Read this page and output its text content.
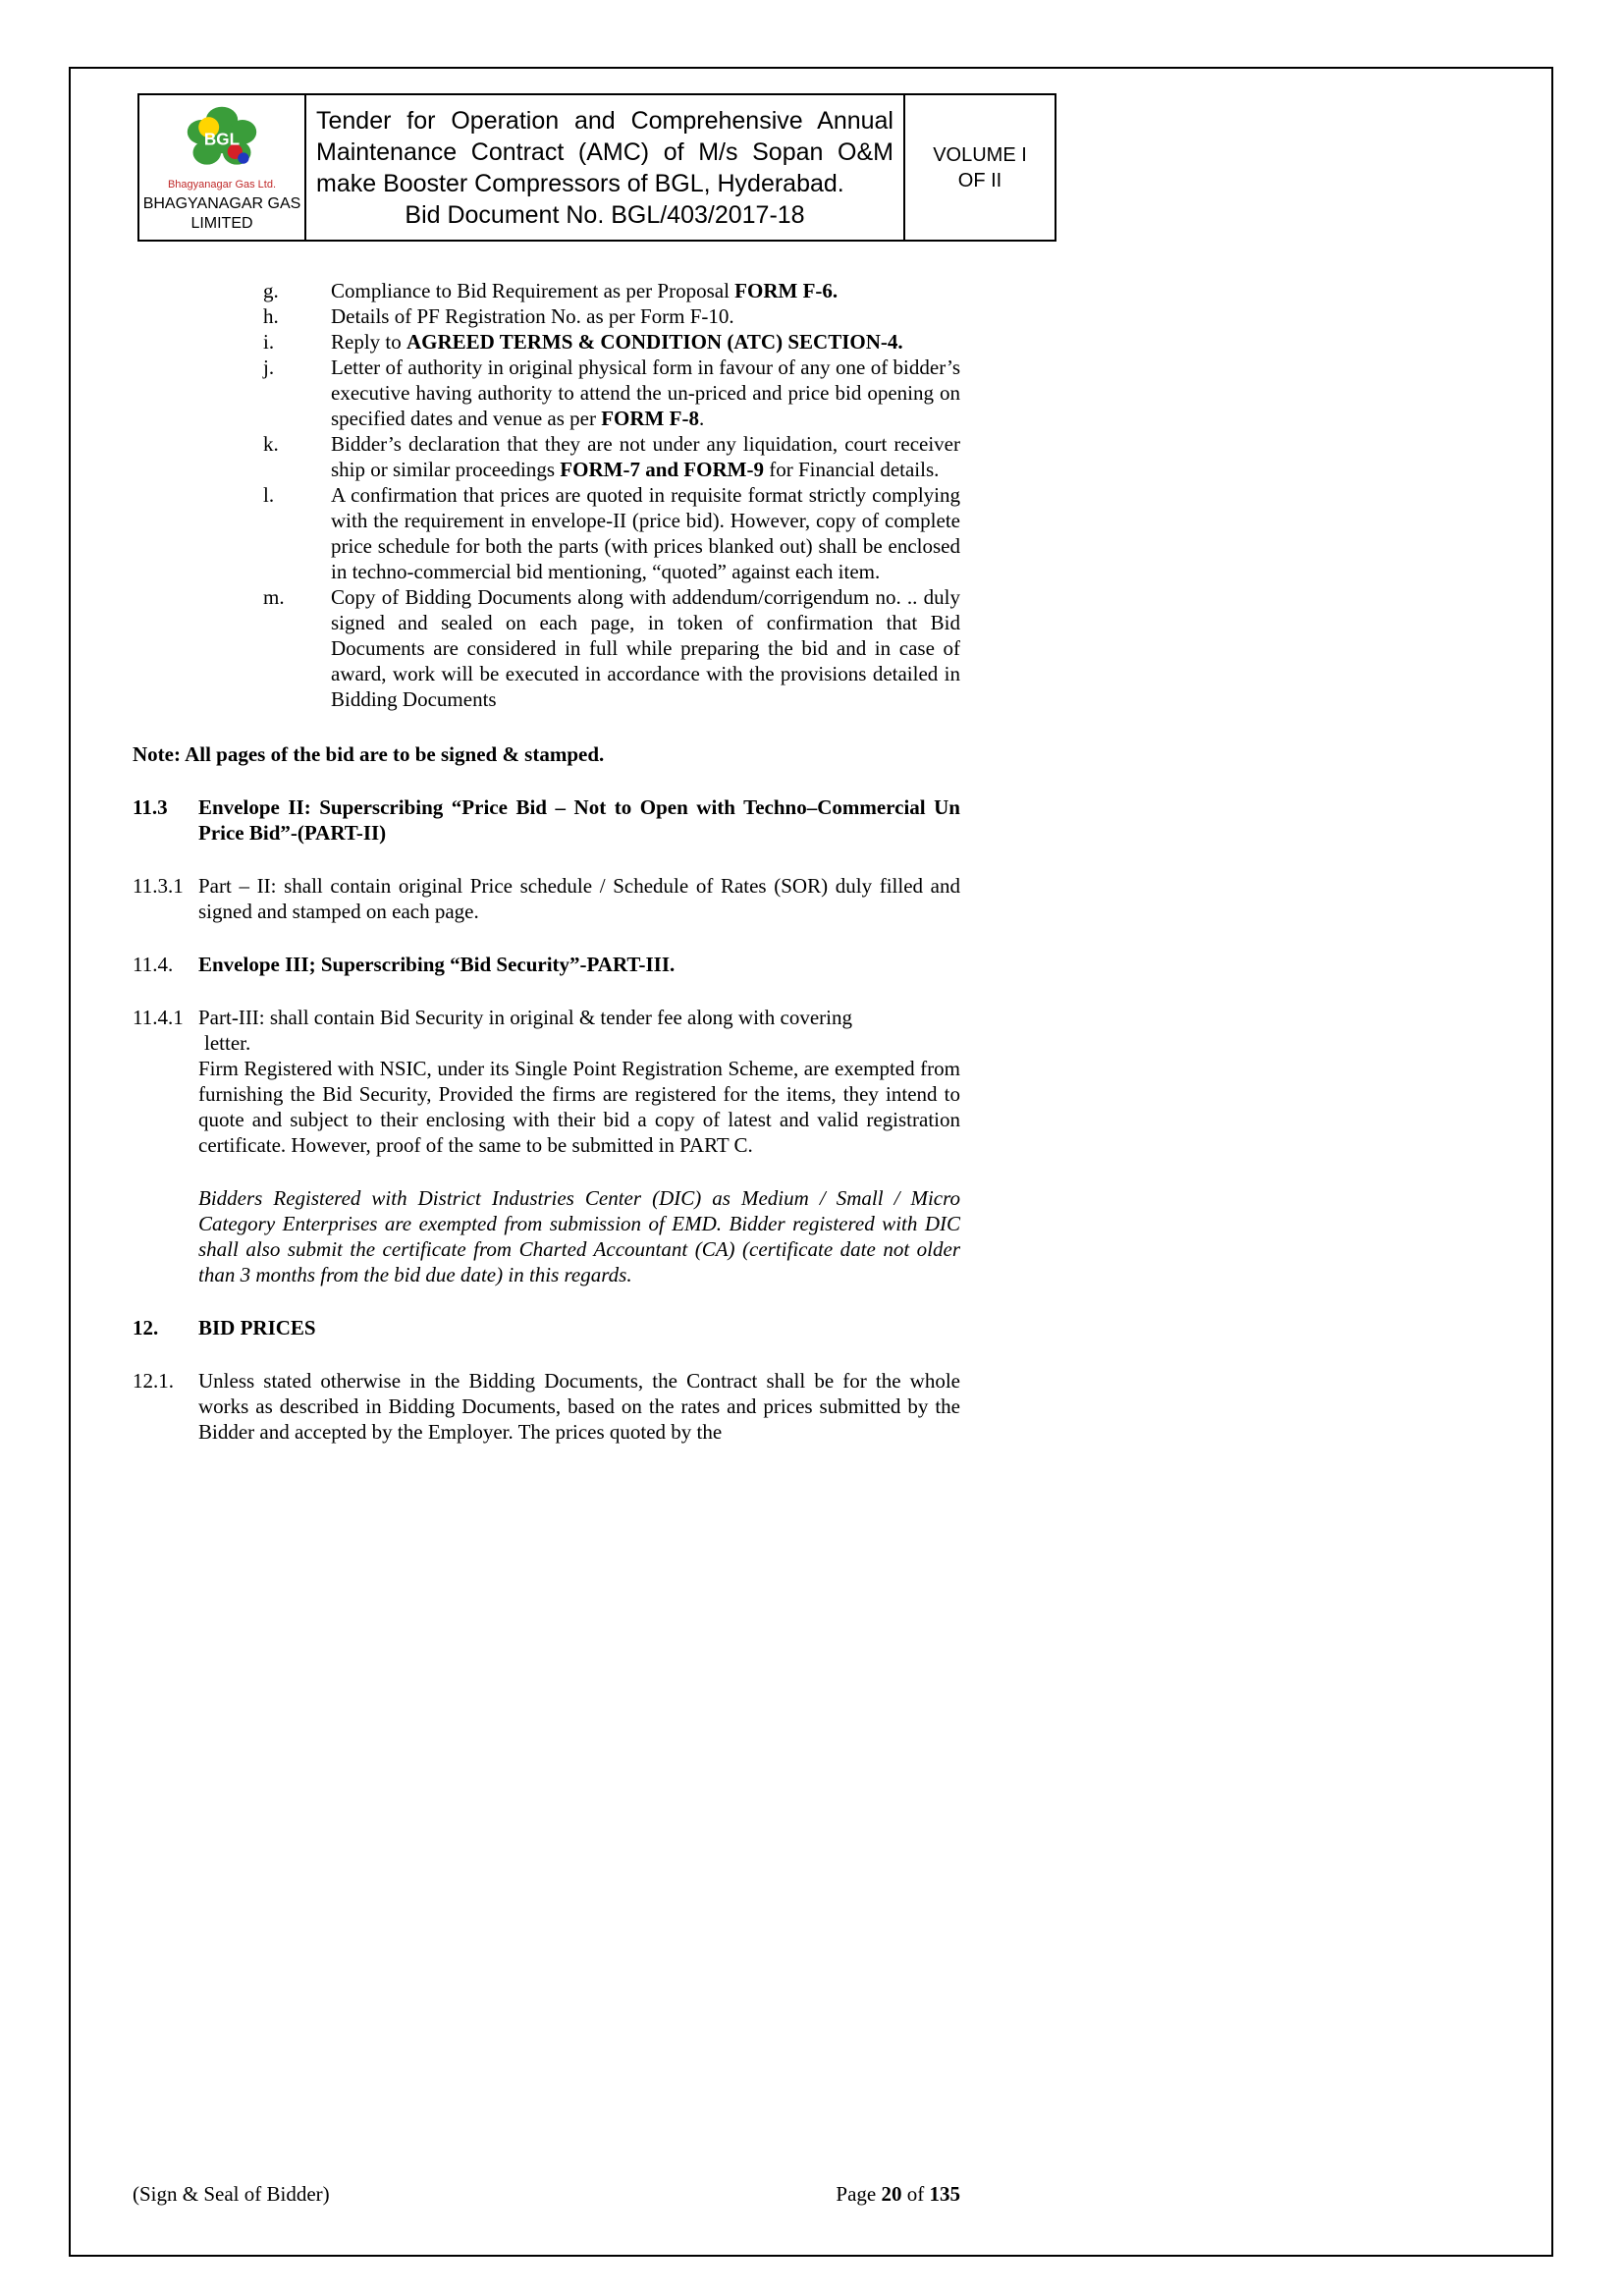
BGL
Bhagyanagar Gas Ltd.
BHAGYANAGAR GAS
LIMITED

Tender for Operation and Comprehensive Annual Maintenance Contract (AMC) of M/s Sopan O&M make Booster Compressors of BGL, Hyderabad.
Bid Document No. BGL/403/2017-18

VOLUME I
OF II
g.	Compliance to Bid Requirement as per Proposal FORM F-6.
h.	Details of PF Registration No. as per Form F-10.
i.	Reply to AGREED TERMS & CONDITION (ATC) SECTION-4.
j.	Letter of authority in original physical form in favour of any one of bidder’s executive having authority to attend the un-priced and price bid opening on specified dates and venue as per FORM F-8.
k.	Bidder’s declaration that they are not under any liquidation, court receiver ship or similar proceedings FORM-7 and FORM-9 for Financial details.
l.	A confirmation that prices are quoted in requisite format strictly complying with the requirement in envelope-II (price bid). However, copy of complete price schedule for both the parts (with prices blanked out) shall be enclosed in techno-commercial bid mentioning, “quoted” against each item.
m.	Copy of Bidding Documents along with addendum/corrigendum no. .. duly signed and sealed on each page, in token of confirmation that Bid Documents are considered in full while preparing the bid and in case of award, work will be executed in accordance with the provisions detailed in Bidding Documents
Note: All pages of the bid are to be signed & stamped.
11.3	Envelope II: Superscribing “Price Bid – Not to Open with Techno–Commercial Un Price Bid”-(PART-II)
11.3.1 Part – II: shall contain original Price schedule / Schedule of Rates (SOR) duly filled and signed and stamped on each page.
11.4.	Envelope III; Superscribing “Bid Security”-PART-III.
11.4.1 Part-III: shall contain Bid Security in original & tender fee along with covering
letter.
Firm Registered with NSIC, under its Single Point Registration Scheme, are exempted from furnishing the Bid Security, Provided the firms are registered for the items, they intend to quote and subject to their enclosing with their bid a copy of latest and valid registration certificate. However, proof of the same to be submitted in PART C.
Bidders Registered with District Industries Center (DIC) as Medium / Small / Micro Category Enterprises are exempted from submission of EMD. Bidder registered with DIC shall also submit the certificate from Charted Accountant (CA) (certificate date not older than 3 months from the bid due date) in this regards.
12.	BID PRICES
12.1.	Unless stated otherwise in the Bidding Documents, the Contract shall be for the whole works as described in Bidding Documents, based on the rates and prices submitted by the Bidder and accepted by the Employer. The prices quoted by the
(Sign & Seal of Bidder)	Page 20 of 135
